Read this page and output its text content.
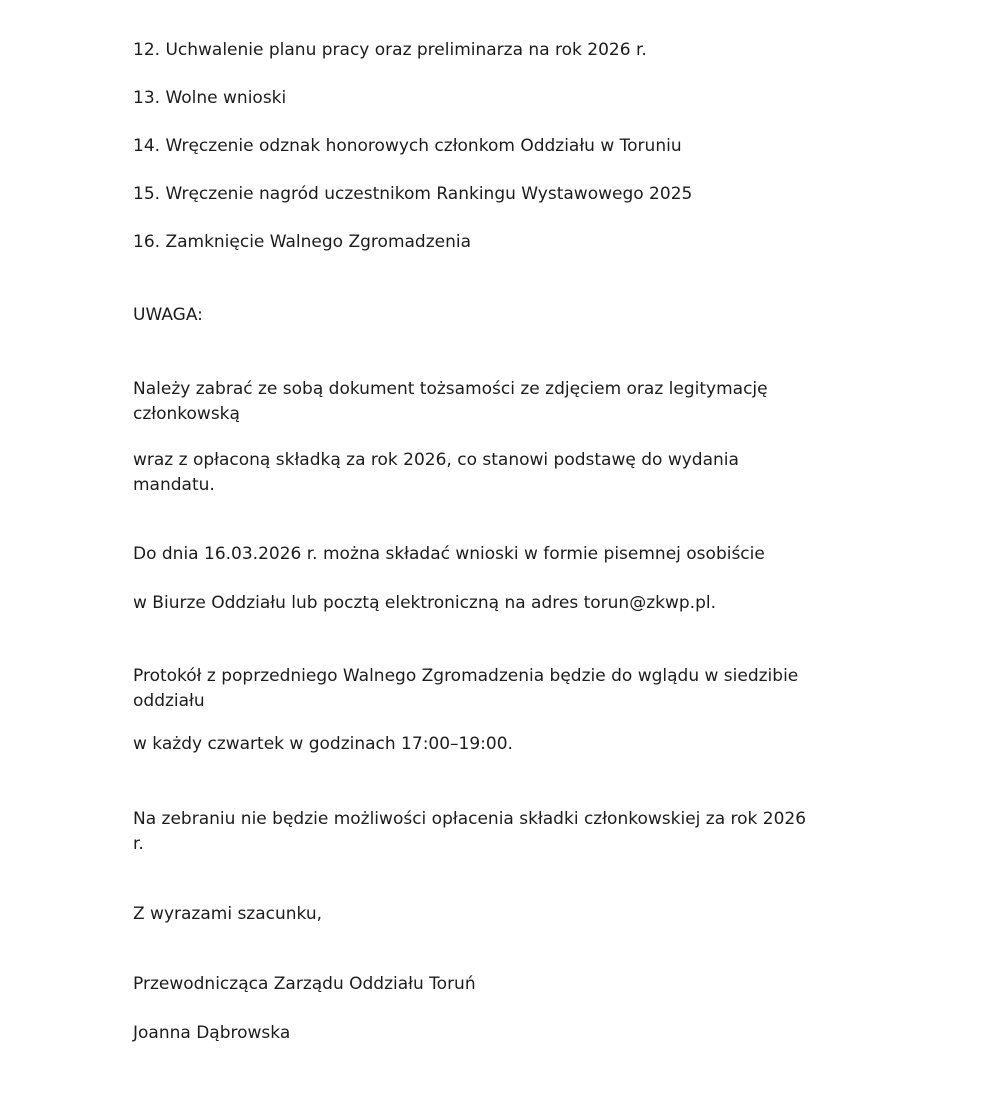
12. Uchwalenie planu pracy oraz preliminarza na rok 2026 r.

13. Wolne wnioski

14. Wręczenie odznak honorowych członkom Oddziału w Toruniu

15. Wręczenie nagród uczestnikom Rankingu Wystawowego 2025

16. Zamknięcie Walnego Zgromadzenia

UWAGA:

Należy zabrać ze sobą dokument tożsamości ze zdjęciem oraz legitymację
członkowską

wraz z opłaconą składką za rok 2026, co stanowi podstawę do wydania
mandatu.

Do dnia 16.03.2026 r. można składać wnioski w formie pisemnej osobiście

w Biurze Oddziału lub pocztą elektroniczną na adres torun@zkwp.pl.

Protokół z poprzedniego Walnego Zgromadzenia będzie do wglądu w siedzibie
oddziału

w każdy czwartek w godzinach 17:00–19:00.

Na zebraniu nie będzie możliwości opłacenia składki członkowskiej za rok 2026
r.

Z wyrazami szacunku,

Przewodnicząca Zarządu Oddziału Toruń

Joanna Dąbrowska
